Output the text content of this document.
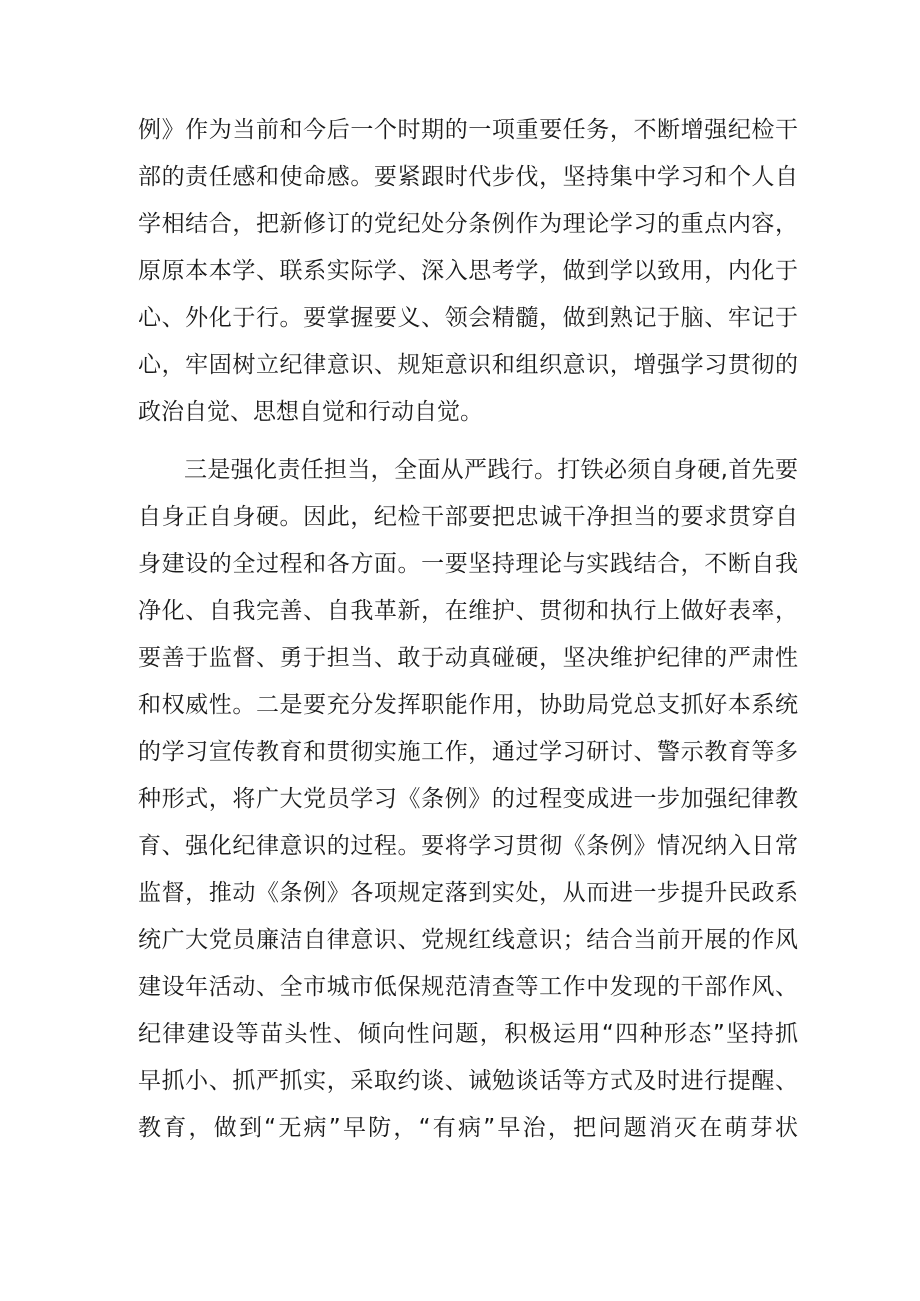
例》作为当前和今后一个时期的一项重要任务，不断增强纪检干
部的责任感和使命感。要紧跟时代步伐，坚持集中学习和个人自
学相结合，把新修订的党纪处分条例作为理论学习的重点内容，
原原本本学、联系实际学、深入思考学，做到学以致用，内化于
心、外化于行。要掌握要义、领会精髓，做到熟记于脑、牢记于
心，牢固树立纪律意识、规矩意识和组织意识，增强学习贯彻的
政治自觉、思想自觉和行动自觉。
三是强化责任担当，全面从严践行。打铁必须自身硬,首先要
自身正自身硬。因此，纪检干部要把忠诚干净担当的要求贯穿自
身建设的全过程和各方面。一要坚持理论与实践结合，不断自我
净化、自我完善、自我革新，在维护、贯彻和执行上做好表率，
要善于监督、勇于担当、敢于动真碰硬，坚决维护纪律的严肃性
和权威性。二是要充分发挥职能作用，协助局党总支抓好本系统
的学习宣传教育和贯彻实施工作，通过学习研讨、警示教育等多
种形式，将广大党员学习《条例》的过程变成进一步加强纪律教
育、强化纪律意识的过程。要将学习贯彻《条例》情况纳入日常
监督，推动《条例》各项规定落到实处，从而进一步提升民政系
统广大党员廉洁自律意识、党规红线意识；结合当前开展的作风
建设年活动、全市城市低保规范清查等工作中发现的干部作风、
纪律建设等苗头性、倾向性问题，积极运用“四种形态”坚持抓
早抓小、抓严抓实，采取约谈、诫勉谈话等方式及时进行提醒、
教育，做到“无病”早防，“有病”早治，把问题消灭在萌芽状
